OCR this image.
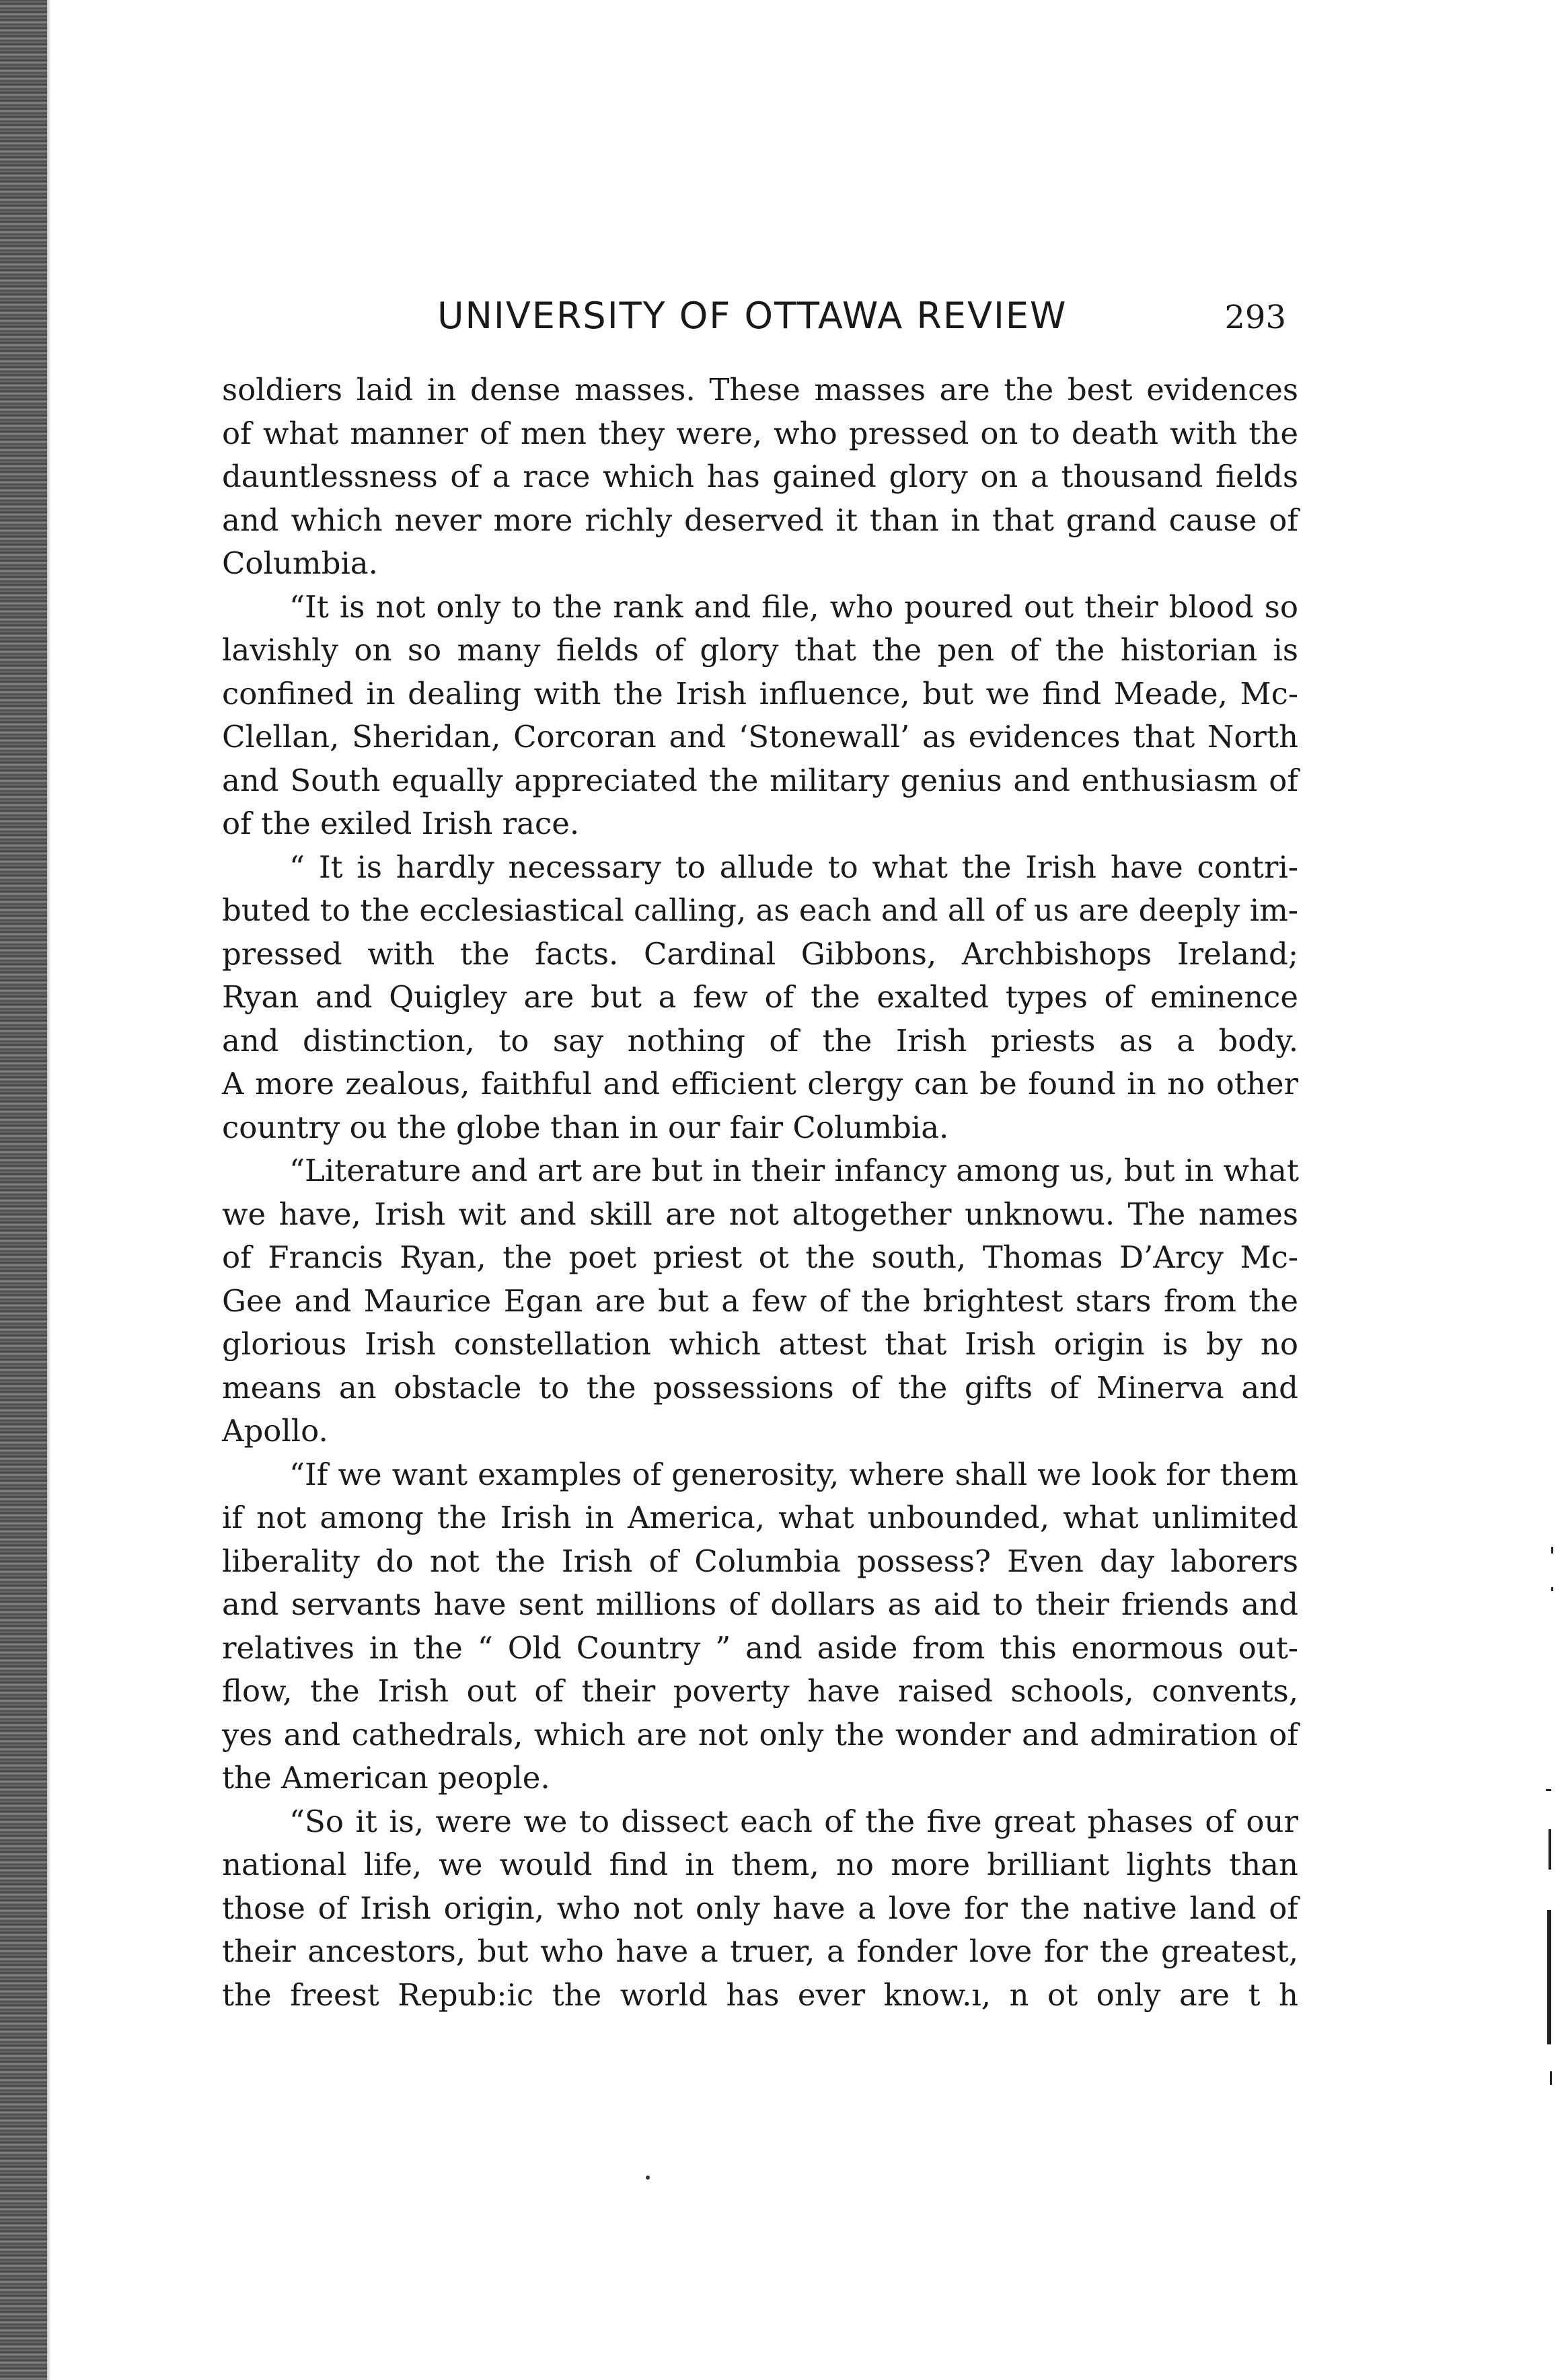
UNIVERSITY OF OTTAWA REVIEW	293
soldiers laid in dense masses. These masses are the best evidences
of what manner of men they were, who pressed on to death with the
dauntlessness of a race which has gained glory on a thousand fields
and which never more richly deserved it than in that grand cause of
Columbia.
“It is not only to the rank and file, who poured out their blood so
lavishly on so many fields of glory that the pen of the historian is
confined in dealing with the Irish influence, but we find Meade, Mc-
Clellan, Sheridan, Corcoran and ‘Stonewall’ as evidences that North
and South equally appreciated the military genius and enthusiasm of
of the exiled Irish race.
“ It is hardly necessary to allude to what the Irish have contri-
buted to the ecclesiastical calling, as each and all of us are deeply im-
pressed with the facts. Cardinal Gibbons, Archbishops Ireland;
Ryan and Quigley are but a few of the exalted types of eminence
and distinction, to say nothing of the Irish priests as a body.
A more zealous, faithful and efficient clergy can be found in no other
country ou the globe than in our fair Columbia.
“Literature and art are but in their infancy among us, but in what
we have, Irish wit and skill are not altogether unknowu. The names
of Francis Ryan, the poet priest ot the south, Thomas D’Arcy Mc-
Gee and Maurice Egan are but a few of the brightest stars from the
glorious Irish constellation which attest that Irish origin is by no
means an obstacle to the possessions of the gifts of Minerva and
Apollo.
“If we want examples of generosity, where shall we look for them
if not among the Irish in America, what unbounded, what unlimited
liberality do not the Irish of Columbia possess? Even day laborers
and servants have sent millions of dollars as aid to their friends and
relatives in the “ Old Country ” and aside from this enormous out-
flow, the Irish out of their poverty have raised schools, convents,
yes and cathedrals, which are not only the wonder and admiration of
the American people.
“So it is, were we to dissect each of the five great phases of our
national life, we would find in them, no more brilliant lights than
those of Irish origin, who not only have a love for the native land of
their ancestors, but who have a truer, a fonder love for the greatest,
the freest Repub:ic the world has ever know.ı, n ot only are t h
